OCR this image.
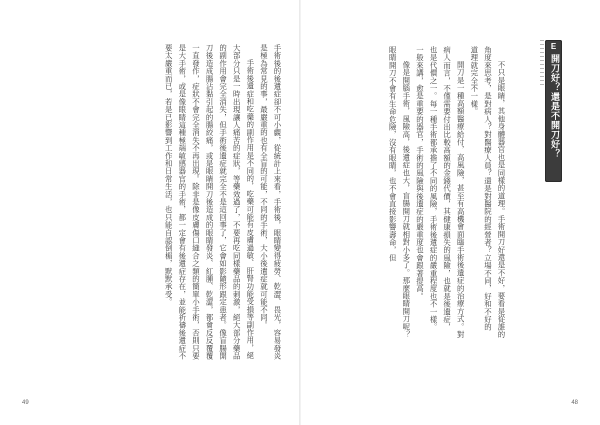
E
開刀好？還是不開刀好？

不只是眼睛，其他身體器官也是同樣的道理。手術開刀好還是不好，要看是從誰的角度來思考，是對病人？對醫療人員？還是對醫院的經營者？立場不同，好和不好的道理就完全不一樣。

開刀是一種高額醫療給付，高風險，甚至有高機會面臨手術後遺症的治療方式。對病人而言，不僅需要付出比較高額的金錢代價，其健康損失的風險，也就是後遺症，也是代價之一。每一種手術都承擔了不同的風險，手術後遺症的嚴重程度也不一樣。一般來講，愈是重要的器官，手術的風險與後遺症的嚴重度也會跟著提高。

像是開腦手術，風險高，後遺症也大，盲腸開刀就相對小多了。那麼眼睛開刀呢？眼睛開刀不會有生命危險，沒有眼睛，也不會直接影響壽命，但

48

手術後的後遺症卻不可小覷，從統計上來看，手術後，眼睛變得疲勞、乾澀、畏光，容易發炎是極為常見的事，最嚴重的也有全盲的可能，不同的手術，大小後遺症就可能不同。

手術後遺症和吃藥的副作用是不同的，吃藥可能有皮膚過敏、肝腎功能受損等副作用，絕大部分只是一時出現讓人痛苦的症狀，等藥效過了，不要再吃同樣藥品的刺激，絕大部分藥品的副作用會完全消失，但手術後遺症就完全不是這回事了，它會如影隨形跟定患者。像盲腸開刀後造成腸沾黏引起的腸絞痛，或是眼睛開刀後造成的眼睛發炎、紅腫、乾澀，都會反反覆覆一直發作，症狀不會完全消失不再出現。除非是像皮膚傷口縫合之類的簡單小手術，否則只要是大手術，或是像眼睛這種極端敏感器官的手術，都一定會有後遺症存在，並能祈禱後遺症不要太嚴重而已，若是已影響到工作和日常生活，也只能自認倒楣，默默承受。

49
